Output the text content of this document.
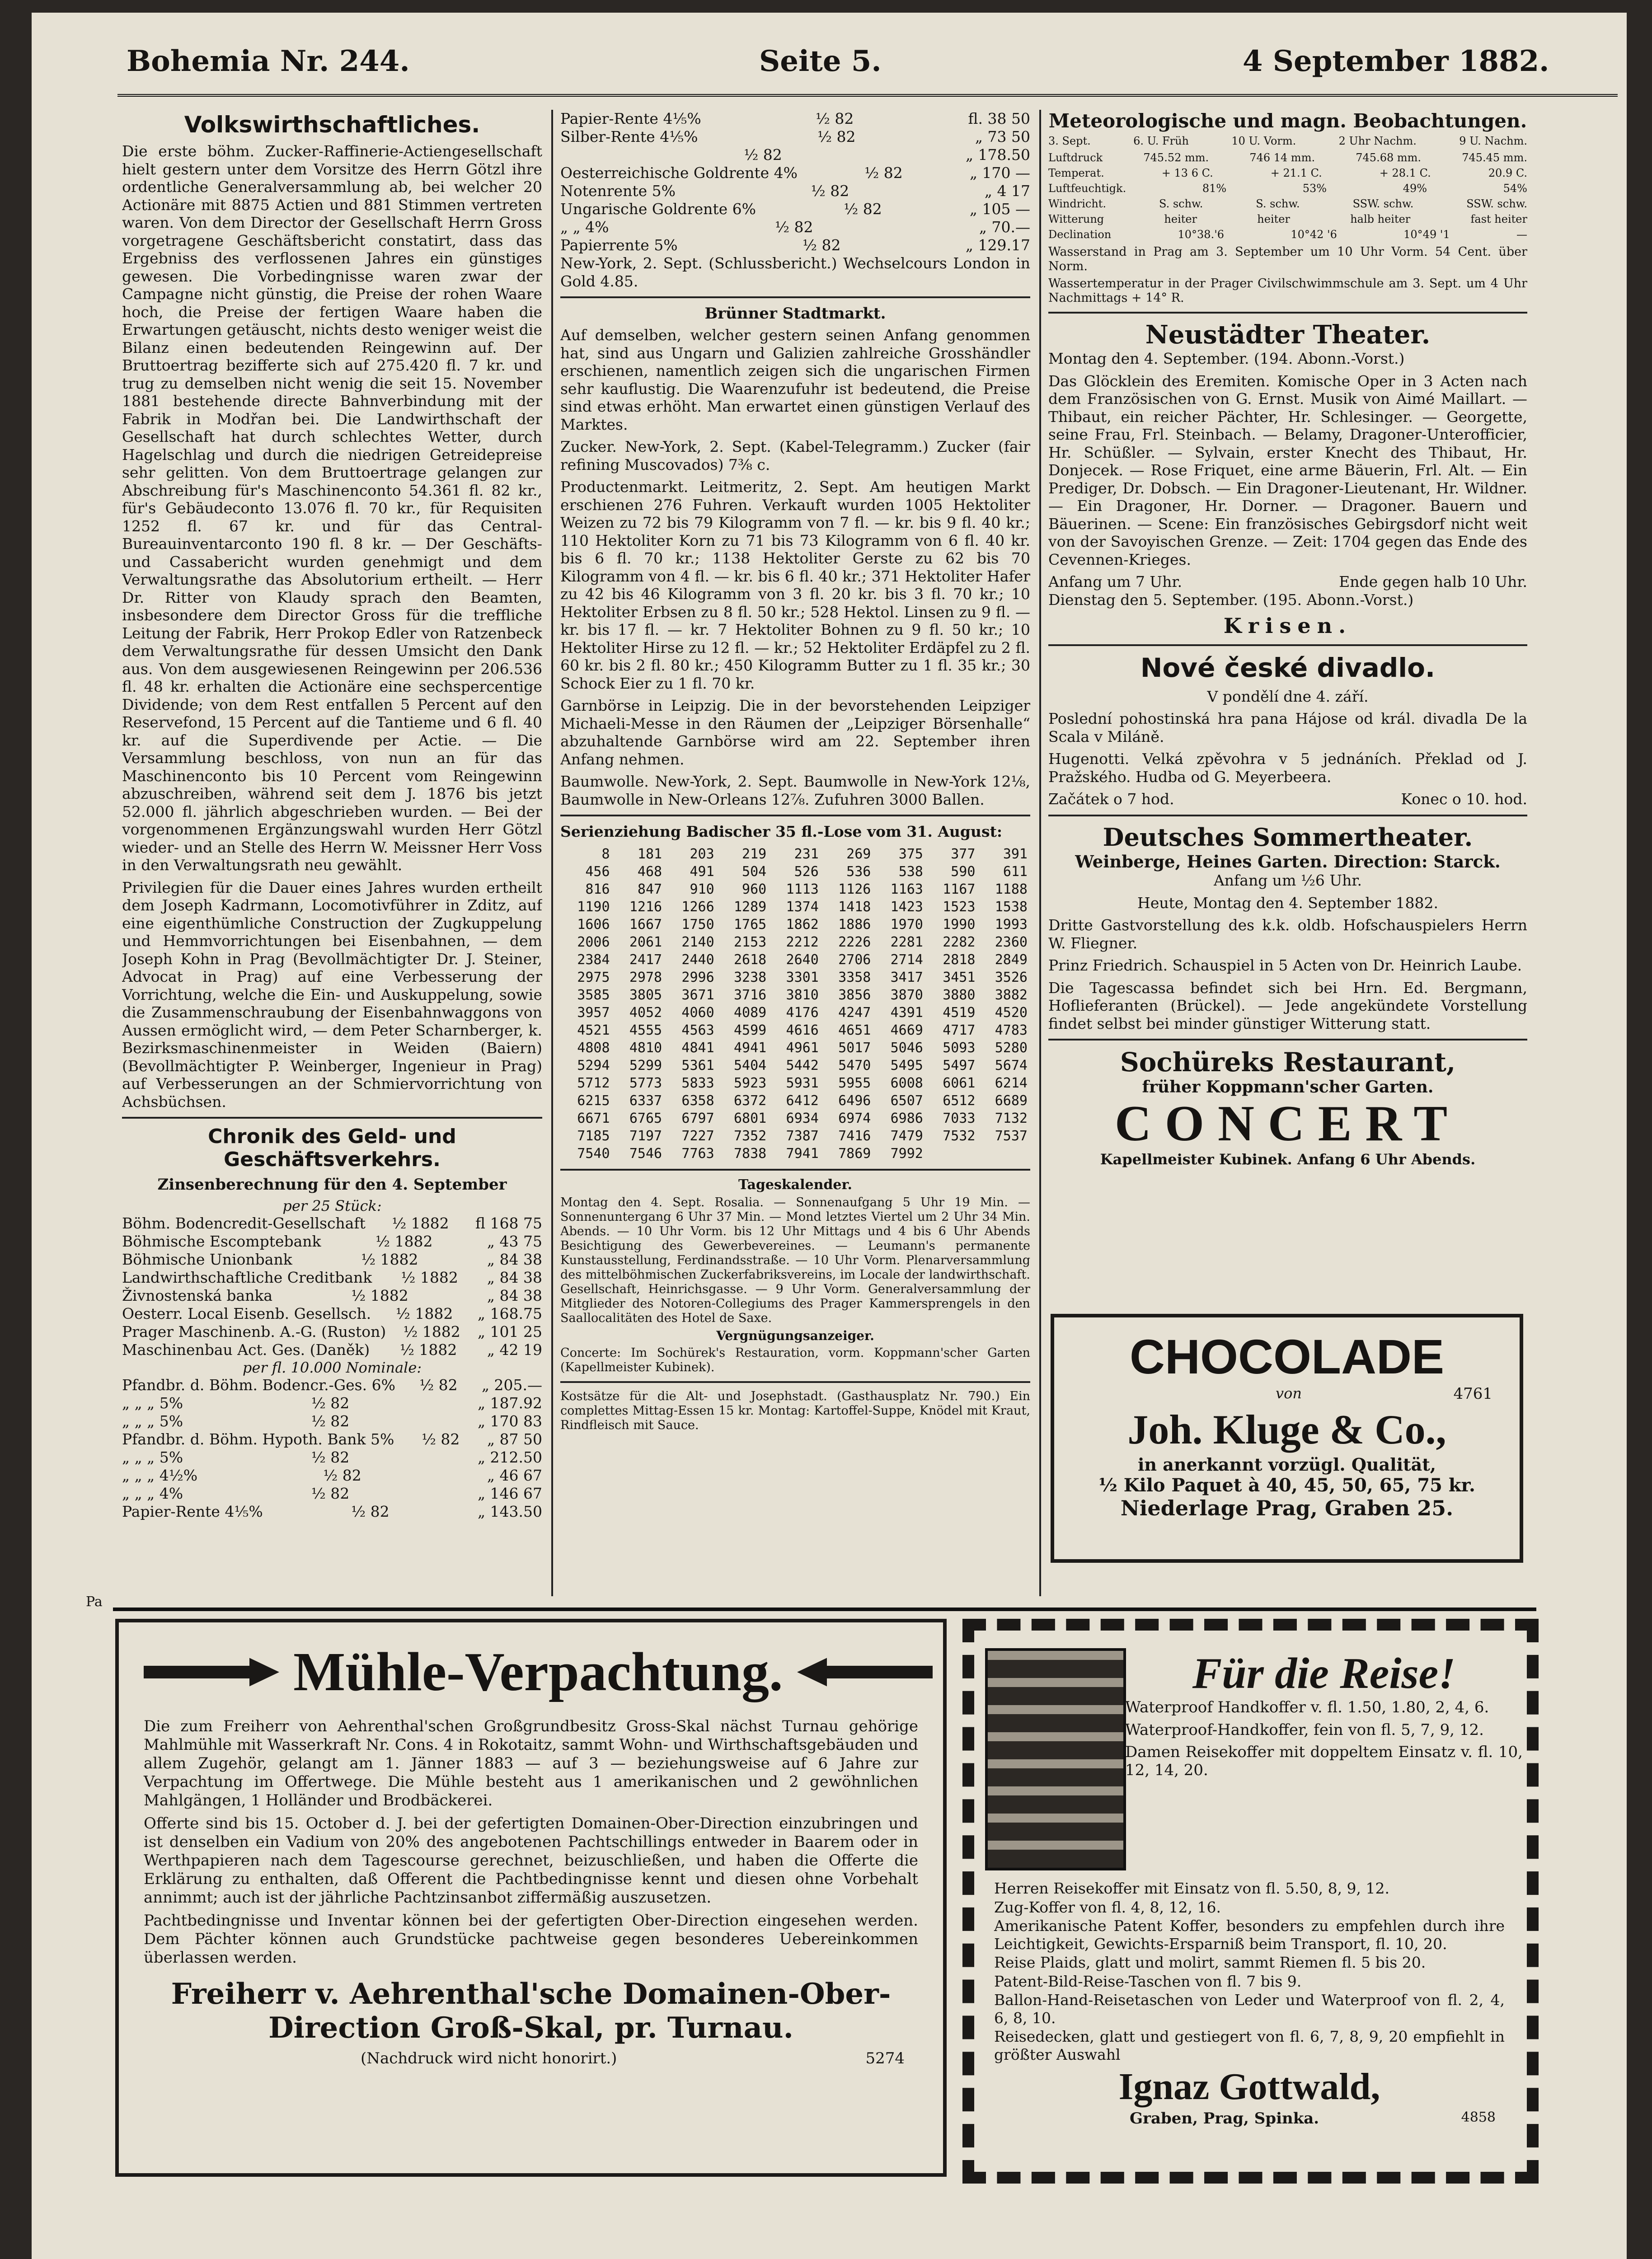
Bohemia Nr. 244.	Seite 5.	4 September 1882.
Volkswirthschaftliches.

Die erste böhm. Zucker-Raffinerie-Actiengesellschaft hielt gestern unter dem Vorsitze des Herrn Götzl ihre ordentliche Generalversammlung ab, bei welcher 20 Actionäre mit 8875 Actien und 881 Stimmen vertreten waren. Von dem Director der Gesellschaft Herrn Gross vorgetragene Geschäftsbericht constatirt, dass das Ergebniss des verflossenen Jahres ein günstiges gewesen. Die Vorbedingnisse waren zwar der Campagne nicht günstig, die Preise der rohen Waare hoch, die Preise der fertigen Waare haben die Erwartungen getäuscht, nichts desto weniger weist die Bilanz einen bedeutenden Reingewinn auf. Der Bruttoertrag bezifferte sich auf 275.420 fl. 7 kr. und trug zu demselben nicht wenig die seit 15. November 1881 bestehende directe Bahnverbindung mit der Fabrik in Modřan bei. Die Landwirthschaft der Gesellschaft hat durch schlechtes Wetter, durch Hagelschlag und durch die niedrigen Getreidepreise sehr gelitten. Von dem Bruttoertrage gelangen zur Abschreibung für's Maschinenconto 54.361 fl. 82 kr., für's Gebäudeconto 13.076 fl. 70 kr., für Requisiten 1252 fl. 67 kr. und für das Central-Bureauinventarconto 190 fl. 8 kr. — Der Geschäfts- und Cassabericht wurden genehmigt und dem Verwaltungsrathe das Absolutorium ertheilt. — Herr Dr. Ritter von Klaudy sprach den Beamten, insbesondere dem Director Gross für die treffliche Leitung der Fabrik, Herr Prokop Edler von Ratzenbeck dem Verwaltungsrathe für dessen Umsicht den Dank aus. Von dem ausgewiesenen Reingewinn per 206.536 fl. 48 kr. erhalten die Actionäre eine sechspercentige Dividende; von dem Rest entfallen 5 Percent auf den Reservefond, 15 Percent auf die Tantieme und 6 fl. 40 kr. auf die Superdivende per Actie. — Die Versammlung beschloss, von nun an für das Maschinenconto bis 10 Percent vom Reingewinn abzuschreiben, während seit dem J. 1876 bis jetzt 52.000 fl. jährlich abgeschrieben wurden. — Bei der vorgenommenen Ergänzungswahl wurden Herr Götzl wieder- und an Stelle des Herrn W. Meissner Herr Voss in den Verwaltungsrath neu gewählt.

Privilegien für die Dauer eines Jahres wurden ertheilt dem Joseph Kadrmann, Locomotivführer in Zditz, auf eine eigenthümliche Construction der Zugkuppelung und Hemmvorrichtungen bei Eisenbahnen, — dem Joseph Kohn in Prag (Bevollmächtigter Dr. J. Steiner, Advocat in Prag) auf eine Verbesserung der Vorrichtung, welche die Ein- und Auskuppelung, sowie die Zusammenschraubung der Eisenbahnwaggons von Aussen ermöglicht wird, — dem Peter Scharnberger, k. Bezirksmaschinenmeister in Weiden (Baiern) (Bevollmächtigter P. Weinberger, Ingenieur in Prag) auf Verbesserungen an der Schmiervorrichtung von Achsbüchsen.

Chronik des Geld- und Geschäftsverkehrs.
Zinsenberechnung für den 4. September
per 25 Stück:
Böhm. Bodencredit-Gesellschaft ½ 1882 fl 168 75
Böhmische Escomptebank	½ 1882	„ 43 75
Böhmische Unionbank	½ 1882	„ 84 38
Landwirthschaftliche Creditbank ½ 1882 „ 84 38
Živnostenská banka	½ 1882	„ 84 38
Oesterr. Local Eisenb. Gesellsch. ½ 1882 „ 168.75
Prager Maschinenb. A.-G. (Ruston) ½ 1882 „ 101 25
Maschinenbau Act. Ges. (Daněk) ½ 1882 „ 42 19
per fl. 10.000 Nominale:
Pfandbr. d. Böhm. Bodencr.-Ges. 6% ½ 82 „ 205.—
„ „ „ 5%	½ 82	„ 187.92
„ „ „ 5%	½ 82	„ 170 83
Pfandbr. d. Böhm. Hypoth. Bank 5% ½ 82 „ 87 50
„ „ „ 5%	½ 82	„ 212.50
„ „ „ 4½%	½ 82	„ 46 67
„ „ „ 4%	½ 82	„ 146 67
Papier-Rente 4⅕%	½ 82	„ 143.50
Pa
Papier-Rente 4⅕%	½ 82	fl. 38 50
Silber-Rente 4⅕%	½ 82	„ 73 50
½ 82	„ 178.50
Oesterreichische Goldrente 4%	½ 82	„ 170 —
Notenrente 5%	½ 82	„ 4 17
Ungarische Goldrente 6%	½ 82	„ 105 —
„ „ 4%	½ 82	„ 70.—
Papierrente 5%	½ 82	„ 129.17

New-York, 2. Sept. (Schlussbericht.) Wechselcours London in Gold 4.85.

Brünner Stadtmarkt.

Auf demselben, welcher gestern seinen Anfang genommen hat, sind aus Ungarn und Galizien zahlreiche Grosshändler erschienen, namentlich zeigen sich die ungarischen Firmen sehr kauflustig. Die Waarenzufuhr ist bedeutend, die Preise sind etwas erhöht. Man erwartet einen günstigen Verlauf des Marktes.

Zucker. New-York, 2. Sept. (Kabel-Telegramm.) Zucker (fair refining Muscovados) 7⅜ c.

Productenmarkt. Leitmeritz, 2. Sept. Am heutigen Markt erschienen 276 Fuhren. Verkauft wurden 1005 Hektoliter Weizen zu 72 bis 79 Kilogramm von 7 fl. — kr. bis 9 fl. 40 kr.; 110 Hektoliter Korn zu 71 bis 73 Kilogramm von 6 fl. 40 kr. bis 6 fl. 70 kr.; 1138 Hektoliter Gerste zu 62 bis 70 Kilogramm von 4 fl. — kr. bis 6 fl. 40 kr.; 371 Hektoliter Hafer zu 42 bis 46 Kilogramm von 3 fl. 20 kr. bis 3 fl. 70 kr.; 10 Hektoliter Erbsen zu 8 fl. 50 kr.; 528 Hektol. Linsen zu 9 fl. — kr. bis 17 fl. — kr. 7 Hektoliter Bohnen zu 9 fl. 50 kr.; 10 Hektoliter Hirse zu 12 fl. — kr.; 52 Hektoliter Erdäpfel zu 2 fl. 60 kr. bis 2 fl. 80 kr.; 450 Kilogramm Butter zu 1 fl. 35 kr.; 30 Schock Eier zu 1 fl. 70 kr.

Garnbörse in Leipzig. Die in der bevorstehenden Leipziger Michaeli-Messe in den Räumen der „Leipziger Börsenhalle“ abzuhaltende Garnbörse wird am 22. September ihren Anfang nehmen.

Baumwolle. New-York, 2. Sept. Baumwolle in New-York 12⅛, Baumwolle in New-Orleans 12⅞. Zufuhren 3000 Ballen.

Serienziehung Badischer 35 fl.-Lose vom 31. August:
8	181	203	219	231	269	375	377	391
456	468	491	504	526	536	538	590	611
816	847	910	960	1113	1126	1163	1167	1188
1190	1216	1266	1289	1374	1418	1423	1523	1538
1606	1667	1750	1765	1862	1886	1970	1990	1993
2006	2061	2140	2153	2212	2226	2281	2282	2360
2384	2417	2440	2618	2640	2706	2714	2818	2849
2975	2978	2996	3238	3301	3358	3417	3451	3526
3585	3805	3671	3716	3810	3856	3870	3880	3882
3957	4052	4060	4089	4176	4247	4391	4519	4520
4521	4555	4563	4599	4616	4651	4669	4717	4783
4808	4810	4841	4941	4961	5017	5046	5093	5280
5294	5299	5361	5404	5442	5470	5495	5497	5674
5712	5773	5833	5923	5931	5955	6008	6061	6214
6215	6337	6358	6372	6412	6496	6507	6512	6689
6671	6765	6797	6801	6934	6974	6986	7033	7132
7185	7197	7227	7352	7387	7416	7479	7532	7537
7540	7546	7763	7838	7941	7869	7992
Tageskalender.

Montag den 4. Sept. Rosalia. — Sonnenaufgang 5 Uhr 19 Min. — Sonnenuntergang 6 Uhr 37 Min. — Mond letztes Viertel um 2 Uhr 34 Min. Abends. — 10 Uhr Vorm. bis 12 Uhr Mittags und 4 bis 6 Uhr Abends Besichtigung des Gewerbevereines. — Leumann's permanente Kunstausstellung, Ferdinandsstraße. — 10 Uhr Vorm. Plenarversammlung des mittelböhmischen Zuckerfabriksvereins, im Locale der landwirthschaft. Gesellschaft, Heinrichsgasse. — 9 Uhr Vorm. Generalversammlung der Mitglieder des Notoren-Collegiums des Prager Kammersprengels in den Saallocalitäten des Hotel de Saxe.

Vergnügungsanzeiger.

Concerte: Im Sochürek's Restauration, vorm. Koppmann'scher Garten (Kapellmeister Kubinek).

Kostsätze für die Alt- und Josephstadt. (Gasthausplatz Nr. 790.) Ein complettes Mittag-Essen 15 kr. Montag: Kartoffel-Suppe, Knödel mit Kraut, Rindfleisch mit Sauce.

Meteorologische und magn. Beobachtungen.
3. Sept.	6. U. Früh	10 U. Vorm.	2 Uhr Nachm.	9 U. Nachm.
Luftdruck	745.52 mm.	746 14 mm.	745.68 mm.	745.45 mm.
Temperat.	+ 13 6 C.	+ 21.1 C.	+ 28.1 C.	20.9 C.
Luftfeuchtigk.	81%	53%	49%	54%
Windricht.	S. schw.	S. schw.	SSW. schw.	SSW. schw.
Witterung	heiter	heiter	halb heiter	fast heiter
Declination	10°38.'6	10°42 '6	10°49 '1	—

Wasserstand in Prag am 3. September um 10 Uhr Vorm. 54 Cent. über Norm.

Wassertemperatur in der Prager Civilschwimmschule am 3. Sept. um 4 Uhr Nachmittags + 14° R.

Neustädter Theater.
Montag den 4. September. (194. Abonn.-Vorst.)

Das Glöcklein des Eremiten. Komische Oper in 3 Acten nach dem Französischen von G. Ernst. Musik von Aimé Maillart. — Thibaut, ein reicher Pächter, Hr. Schlesinger. — Georgette, seine Frau, Frl. Steinbach. — Belamy, Dragoner-Unterofficier, Hr. Schüßler. — Sylvain, erster Knecht des Thibaut, Hr. Donjecek. — Rose Friquet, eine arme Bäuerin, Frl. Alt. — Ein Prediger, Dr. Dobsch. — Ein Dragoner-Lieutenant, Hr. Wildner. — Ein Dragoner, Hr. Dorner. — Dragoner. Bauern und Bäuerinen. — Scene: Ein französisches Gebirgsdorf nicht weit von der Savoyischen Grenze. — Zeit: 1704 gegen das Ende des Cevennen-Krieges.

Anfang um 7 Uhr.	Ende gegen halb 10 Uhr.
Dienstag den 5. September. (195. Abonn.-Vorst.)
Krisen.
Nové české divadlo.
V pondělí dne 4. září.

Poslední pohostinská hra pana Hájose od král. divadla De la Scala v Miláně.

Hugenotti. Velká zpěvohra v 5 jednáních. Překlad od J. Pražského. Hudba od G. Meyerbeera.

Začátek o 7 hod.	Konec o 10. hod.
Deutsches Sommertheater.
Weinberge, Heines Garten. Direction: Starck.
Anfang um ½6 Uhr.
Heute, Montag den 4. September 1882.

Dritte Gastvorstellung des k.k. oldb. Hofschauspielers Herrn W. Fliegner.

Prinz Friedrich. Schauspiel in 5 Acten von Dr. Heinrich Laube.

Die Tagescassa befindet sich bei Hrn. Ed. Bergmann, Hoflieferanten (Brückel). — Jede angekündete Vorstellung findet selbst bei minder günstiger Witterung statt.

Sochüreks Restaurant,
früher Koppmann'scher Garten.
CONCERT
Kapellmeister Kubinek. Anfang 6 Uhr Abends.
CHOCOLADE
von	4761
Joh. Kluge & Co.,
in anerkannt vorzügl. Qualität,
½ Kilo Paquet à 40, 45, 50, 65, 75 kr.
Niederlage Prag, Graben 25.
Mühle-Verpachtung.

Die zum Freiherr von Aehrenthal'schen Großgrundbesitz Gross-Skal nächst Turnau gehörige Mahlmühle mit Wasserkraft Nr. Cons. 4 in Rokotaitz, sammt Wohn- und Wirthschaftsgebäuden und allem Zugehör, gelangt am 1. Jänner 1883 — auf 3 — beziehungsweise auf 6 Jahre zur Verpachtung im Offertwege. Die Mühle besteht aus 1 amerikanischen und 2 gewöhnlichen Mahlgängen, 1 Holländer und Brodbäckerei.

Offerte sind bis 15. October d. J. bei der gefertigten Domainen-Ober-Direction einzubringen und ist denselben ein Vadium von 20% des angebotenen Pachtschillings entweder in Baarem oder in Werthpapieren nach dem Tagescourse gerechnet, beizuschließen, und haben die Offerte die Erklärung zu enthalten, daß Offerent die Pachtbedingnisse kennt und diesen ohne Vorbehalt annimmt; auch ist der jährliche Pachtzinsanbot ziffermäßig auszusetzen.

Pachtbedingnisse und Inventar können bei der gefertigten Ober-Direction eingesehen werden. Dem Pächter können auch Grundstücke pachtweise gegen besonderes Uebereinkommen überlassen werden.

Freiherr v. Aehrenthal'sche Domainen-Ober-
Direction Groß-Skal, pr. Turnau.
(Nachdruck wird nicht honorirt.)	5274
Für die Reise!

Waterproof Handkoffer v. fl. 1.50, 1.80, 2, 4, 6.

Waterproof-Handkoffer, fein von fl. 5, 7, 9, 12.

Damen Reisekoffer mit doppeltem Einsatz v. fl. 10, 12, 14, 20.

Herren Reisekoffer mit Einsatz von fl. 5.50, 8, 9, 12.

Zug-Koffer von fl. 4, 8, 12, 16.

Amerikanische Patent Koffer, besonders zu empfehlen durch ihre Leichtigkeit, Gewichts-Ersparniß beim Transport, fl. 10, 20.

Reise Plaids, glatt und molirt, sammt Riemen fl. 5 bis 20.

Patent-Bild-Reise-Taschen von fl. 7 bis 9.

Ballon-Hand-Reisetaschen von Leder und Waterproof von fl. 2, 4, 6, 8, 10.

Reisedecken, glatt und gestiegert von fl. 6, 7, 8, 9, 20 empfiehlt in größter Auswahl

Ignaz Gottwald,
Graben, Prag, Spinka.	4858
